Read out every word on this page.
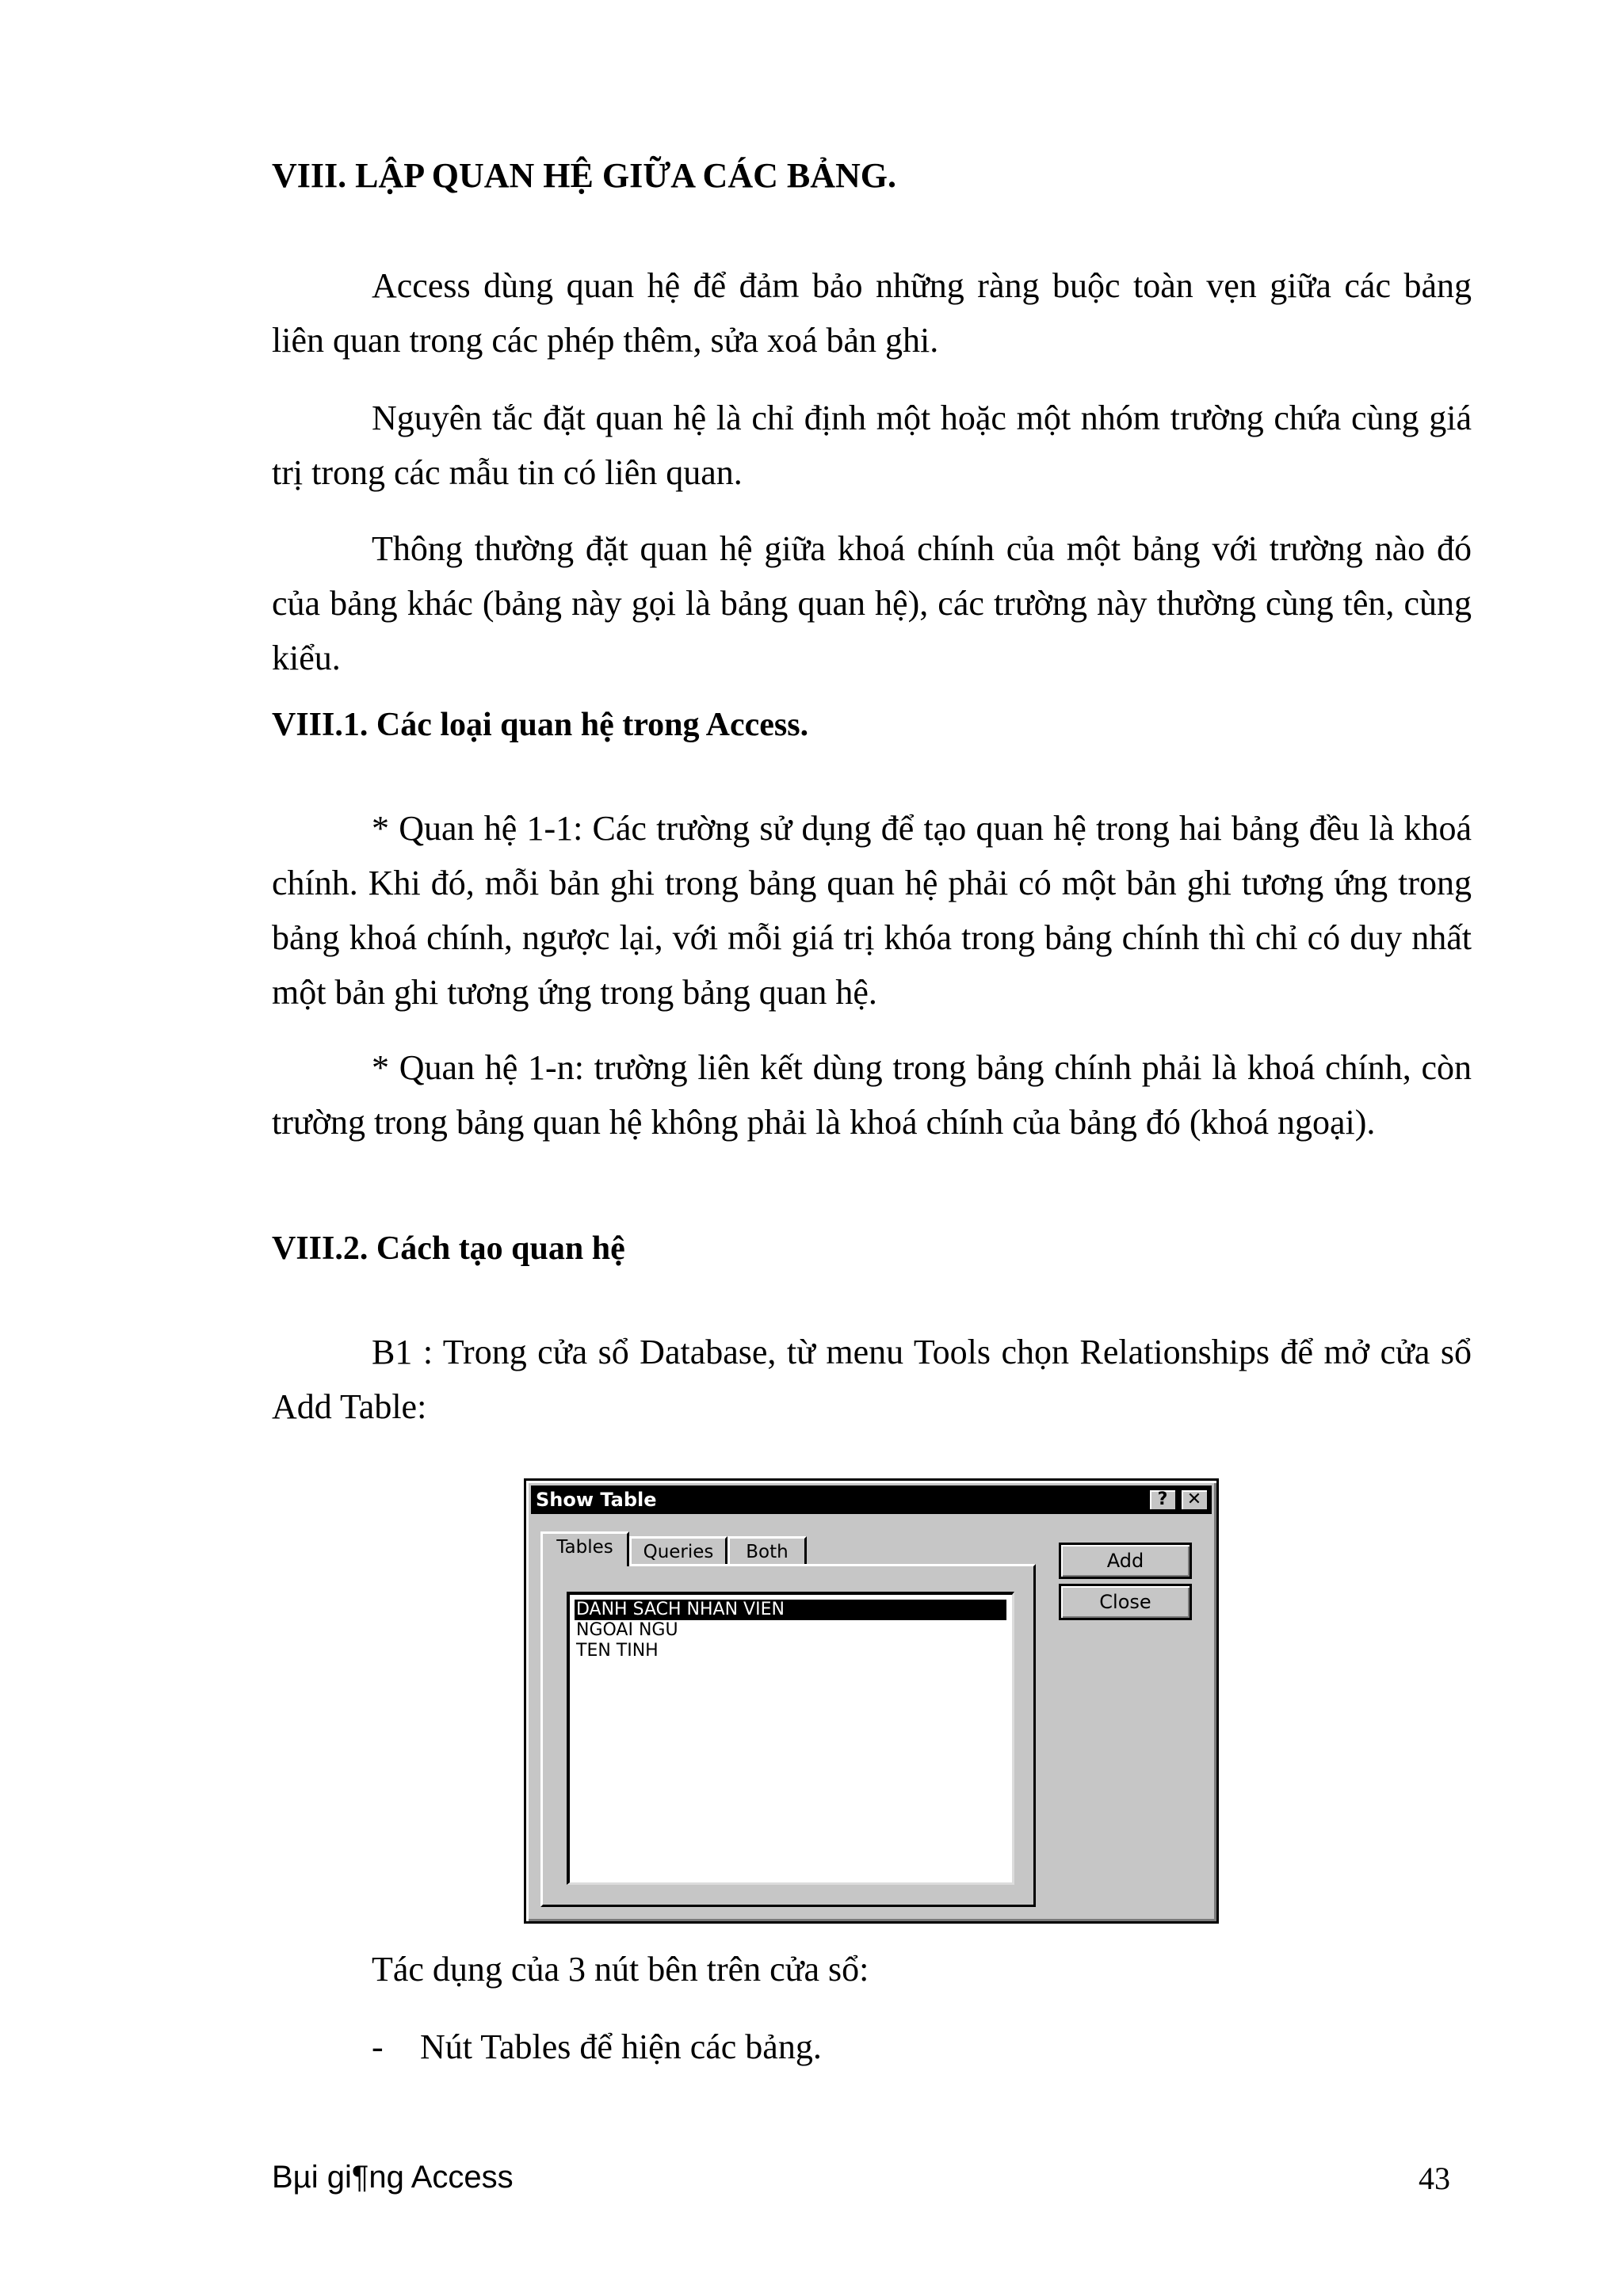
VIII. LẬP QUAN HỆ GIỮA CÁC BẢNG.

Access dùng quan hệ để đảm bảo những ràng buộc toàn vẹn giữa các bảng liên quan trong các phép thêm, sửa xoá bản ghi.

Nguyên tắc đặt quan hệ là chỉ định một hoặc một nhóm trường chứa cùng giá trị trong các mẫu tin có liên quan.

Thông thường đặt quan hệ giữa khoá chính của một bảng với trường nào đó của bảng khác (bảng này gọi là bảng quan hệ), các trường này thường cùng tên, cùng kiểu.

VIII.1. Các loại quan hệ trong Access.

* Quan hệ 1-1: Các trường sử dụng để tạo quan hệ trong hai bảng đều là khoá chính. Khi đó, mỗi bản ghi trong bảng quan hệ phải có một bản ghi tương ứng trong bảng khoá chính, ngược lại, với mỗi giá trị khóa trong bảng chính thì chỉ có duy nhất một bản ghi tương ứng trong bảng quan hệ.

* Quan hệ 1-n: trường liên kết dùng trong bảng chính phải là khoá chính, còn trường trong bảng quan hệ không phải là khoá chính của bảng đó (khoá ngoại).

VIII.2. Cách tạo quan hệ

B1 : Trong cửa sổ Database, từ menu Tools chọn Relationships để mở cửa sổ Add Table:

Show Table	?	✕
Tables	Queries	Both
DANH SACH NHAN VIEN
NGOAI NGU
TEN TINH
Add
Close

Tác dụng của 3 nút bên trên cửa sổ:

- Nút Tables để hiện các bảng.

Bµi gi¶ng Access	43
